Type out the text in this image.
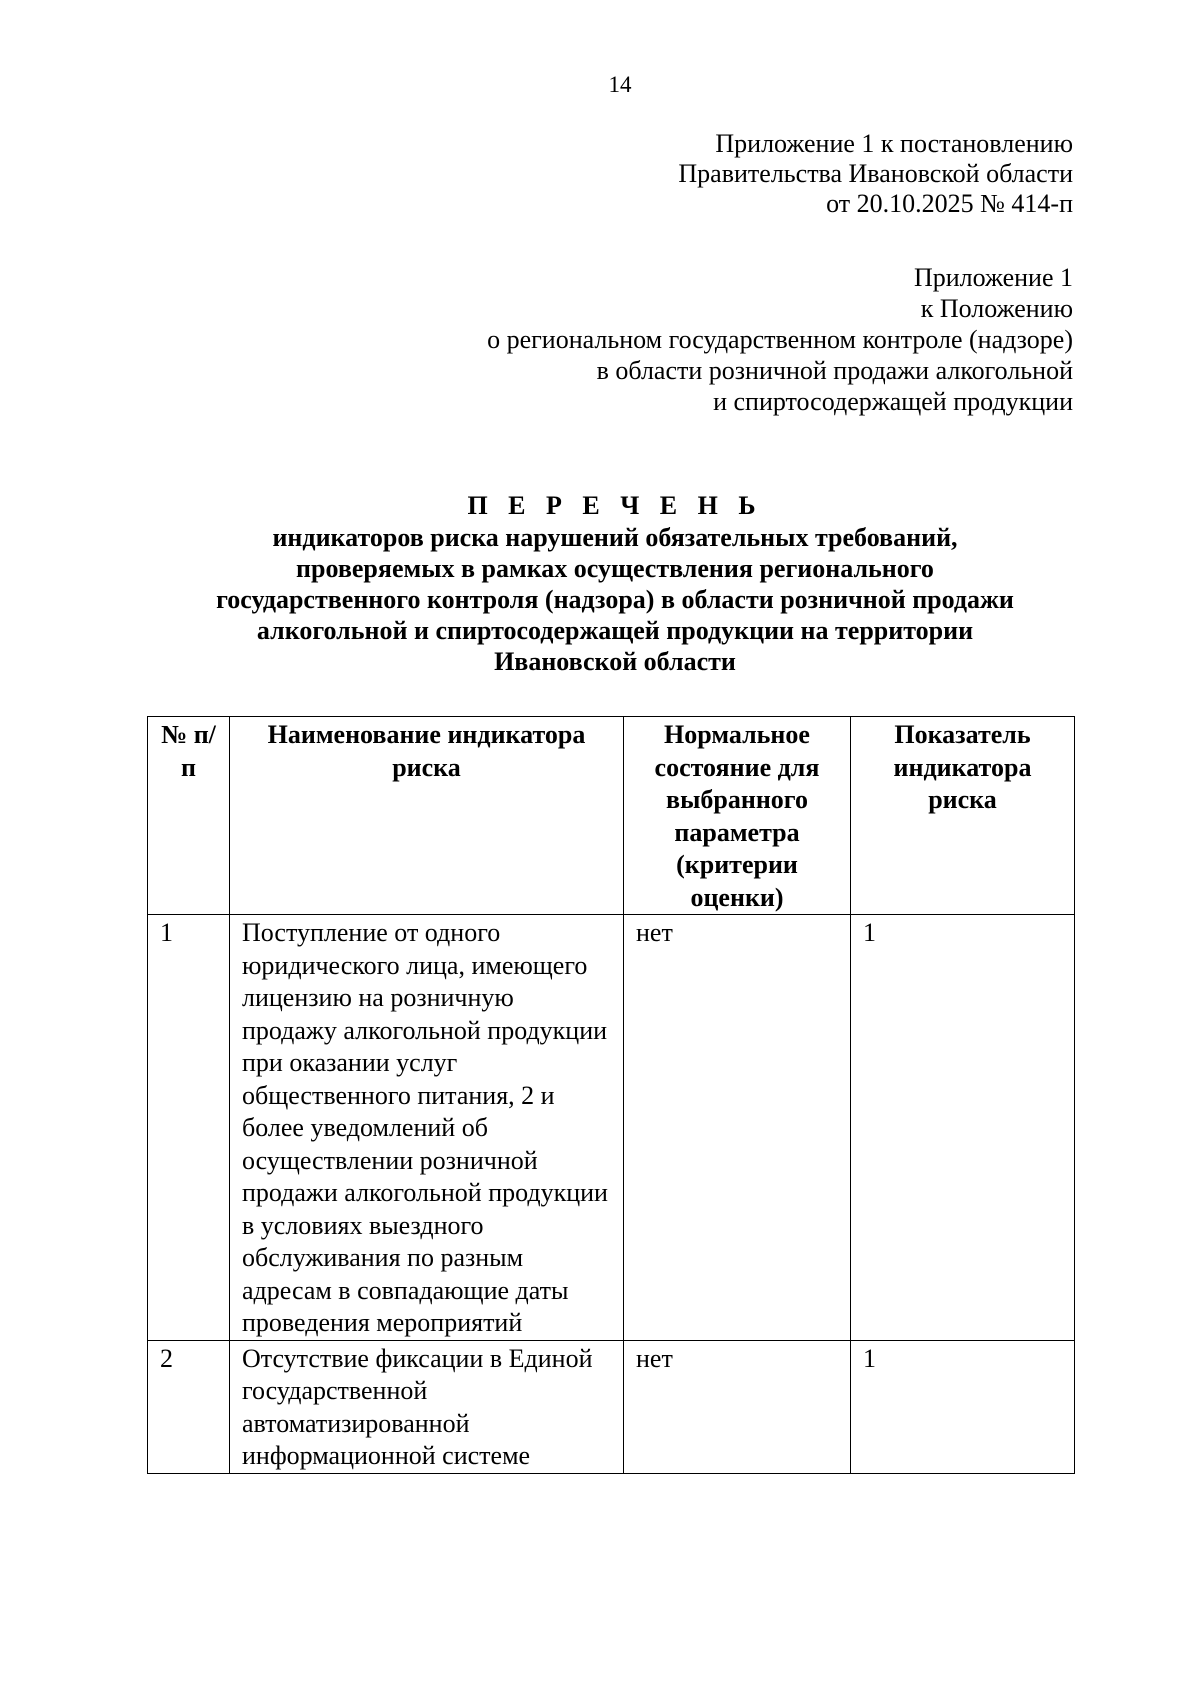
14
Приложение 1 к постановлению
Правительства Ивановской области
от 20.10.2025 № 414-п
Приложение 1
к Положению
о региональном государственном контроле (надзоре)
в области розничной продажи алкогольной
и спиртосодержащей продукции
П Е Р Е Ч Е Н Ь
индикаторов риска нарушений обязательных требований,
проверяемых в рамках осуществления регионального
государственного контроля (надзора) в области розничной продажи
алкогольной и спиртосодержащей продукции на территории
Ивановской области
№ п/п	Наименование индикатора риска	Нормальное состояние для выбранного параметра (критерии оценки)	Показатель индикатора риска
1	Поступление от одного юридического лица, имеющего лицензию на розничную продажу алкогольной продукции при оказании услуг общественного питания, 2 и более уведомлений об осуществлении розничной продажи алкогольной продукции в условиях выездного обслуживания по разным адресам в совпадающие даты проведения мероприятий	нет	1
2	Отсутствие фиксации в Единой государственной автоматизированной информационной системе	нет	1
